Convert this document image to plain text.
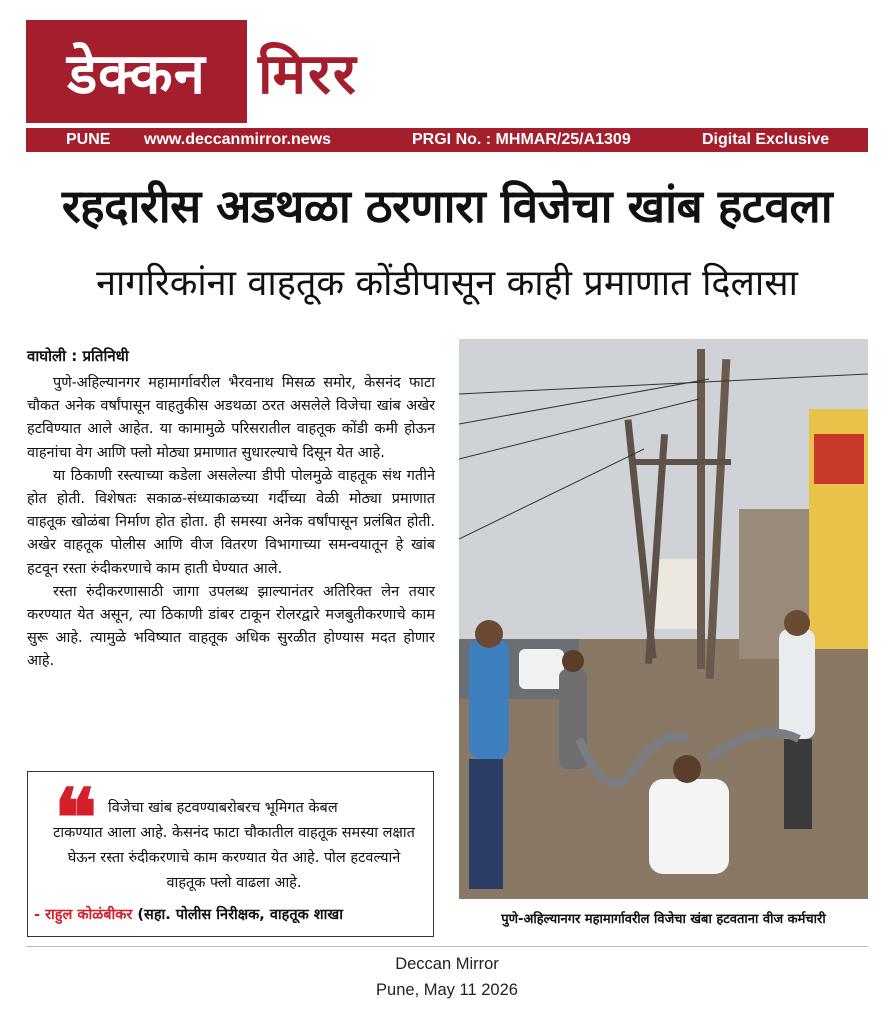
डेक्कन मिरर
PUNE www.deccanmirror.news	PRGI No. : MHMAR/25/A1309	Digital Exclusive
रहदारीस अडथळा ठरणारा विजेचा खांब हटवला
नागरिकांना वाहतूक कोंडीपासून काही प्रमाणात दिलासा
वाघोली : प्रतिनिधी

पुणे-अहिल्यानगर महामार्गावरील भैरवनाथ मिसळ समोर, केसनंद फाटा चौकत अनेक वर्षांपासून वाहतुकीस अडथळा ठरत असलेले विजेचा खांब अखेर हटविण्यात आले आहेत. या कामामुळे परिसरातील वाहतूक कोंडी कमी होऊन वाहनांचा वेग आणि फ्लो मोठ्या प्रमाणात सुधारल्याचे दिसून येत आहे.

या ठिकाणी रस्त्याच्या कडेला असलेल्या डीपी पोलमुळे वाहतूक संथ गतीने होत होती. विशेषतः सकाळ-संध्याकाळच्या गर्दीच्या वेळी मोठ्या प्रमाणात वाहतूक खोळंबा निर्माण होत होता. ही समस्या अनेक वर्षांपासून प्रलंबित होती. अखेर वाहतूक पोलीस आणि वीज वितरण विभागाच्या समन्वयातून हे खांब हटवून रस्ता रुंदीकरणाचे काम हाती घेण्यात आले.

रस्ता रुंदीकरणासाठी जागा उपलब्ध झाल्यानंतर अतिरिक्त लेन तयार करण्यात येत असून, त्या ठिकाणी डांबर टाकून रोलरद्वारे मजबुतीकरणाचे काम सुरू आहे. त्यामुळे भविष्यात वाहतूक अधिक सुरळीत होण्यास मदत होणार आहे.

❝ विजेचा खांब हटवण्याबरोबरच भूमिगत केबल
टाकण्यात आला आहे. केसनंद फाटा चौकातील वाहतूक समस्या लक्षात घेऊन रस्ता रुंदीकरणाचे काम करण्यात येत आहे. पोल हटवल्याने वाहतूक फ्लो वाढला आहे.
- राहुल कोळंबीकर (सहा. पोलीस निरीक्षक, वाहतूक शाखा	पुणे-अहिल्यानगर महामार्गावरील विजेचा खंबा हटवताना वीज कर्मचारी
Deccan Mirror
Pune, May 11 2026
